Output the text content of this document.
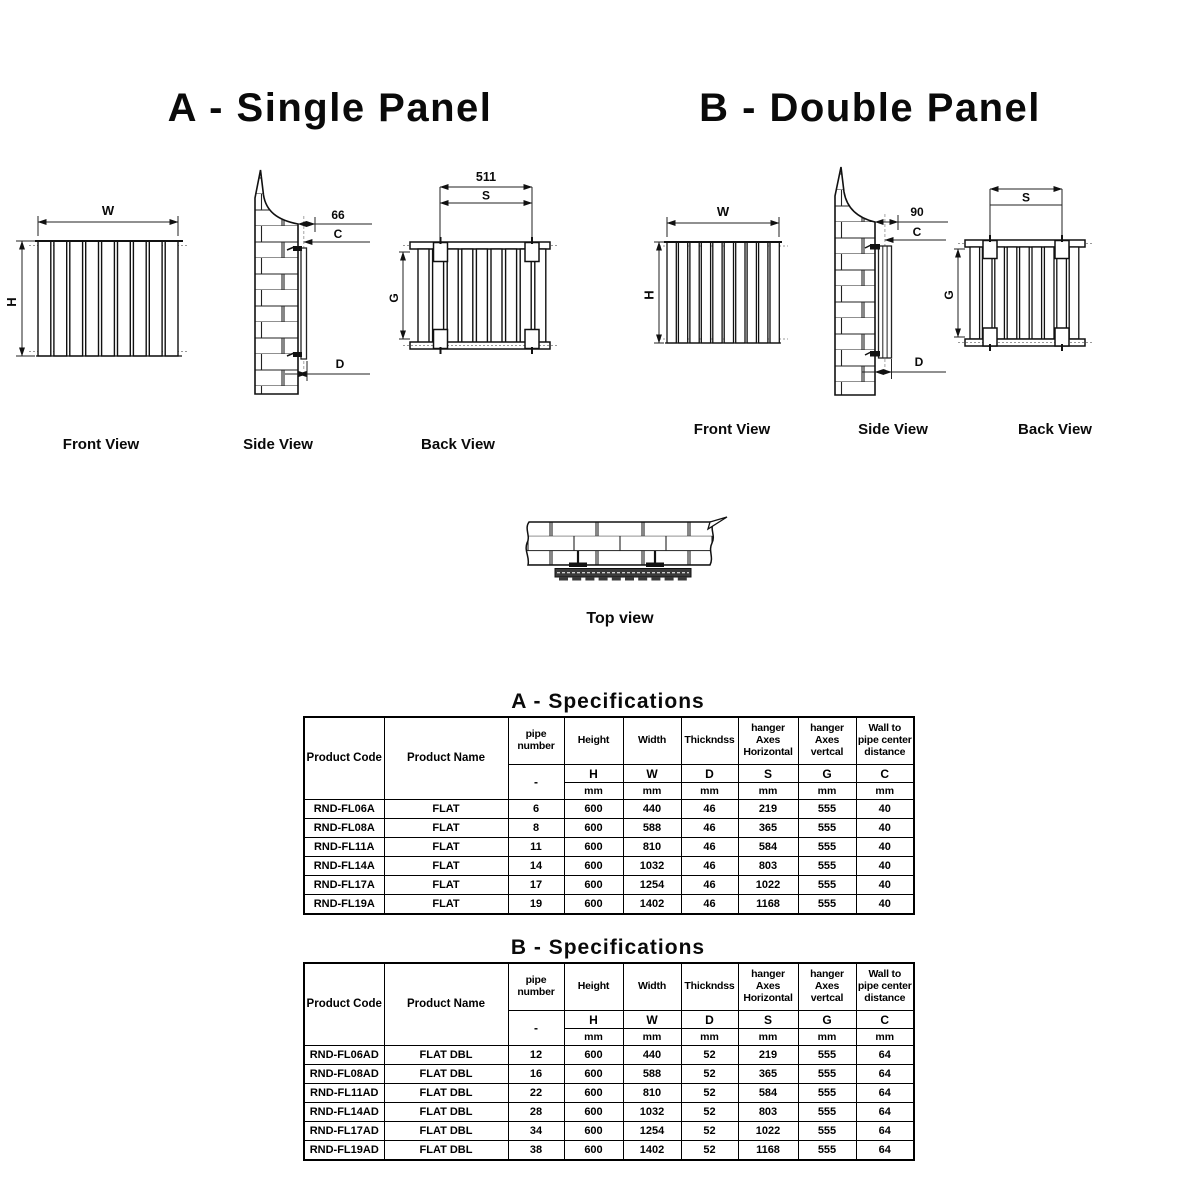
A - Single Panel	B - Double Panel
W
H
66
C
D
511
S
G
Front View	Side View	Back View
W
H
90
C
D
S
G
Front View	Side View	Back View
Top view
A - Specifications
Product Code	Product Name	pipe number	Height	Width	Thickndss	hanger Axes Horizontal	hanger Axes vertcal	Wall to pipe center distance
		-	H	W	D	S	G	C
			mm	mm	mm	mm	mm	mm
RND-FL06A	FLAT	6	600	440	46	219	555	40
RND-FL08A	FLAT	8	600	588	46	365	555	40
RND-FL11A	FLAT	11	600	810	46	584	555	40
RND-FL14A	FLAT	14	600	1032	46	803	555	40
RND-FL17A	FLAT	17	600	1254	46	1022	555	40
RND-FL19A	FLAT	19	600	1402	46	1168	555	40
B - Specifications
Product Code	Product Name	pipe number	Height	Width	Thickndss	hanger Axes Horizontal	hanger Axes vertcal	Wall to pipe center distance
		-	H	W	D	S	G	C
			mm	mm	mm	mm	mm	mm
RND-FL06AD	FLAT DBL	12	600	440	52	219	555	64
RND-FL08AD	FLAT DBL	16	600	588	52	365	555	64
RND-FL11AD	FLAT DBL	22	600	810	52	584	555	64
RND-FL14AD	FLAT DBL	28	600	1032	52	803	555	64
RND-FL17AD	FLAT DBL	34	600	1254	52	1022	555	64
RND-FL19AD	FLAT DBL	38	600	1402	52	1168	555	64
